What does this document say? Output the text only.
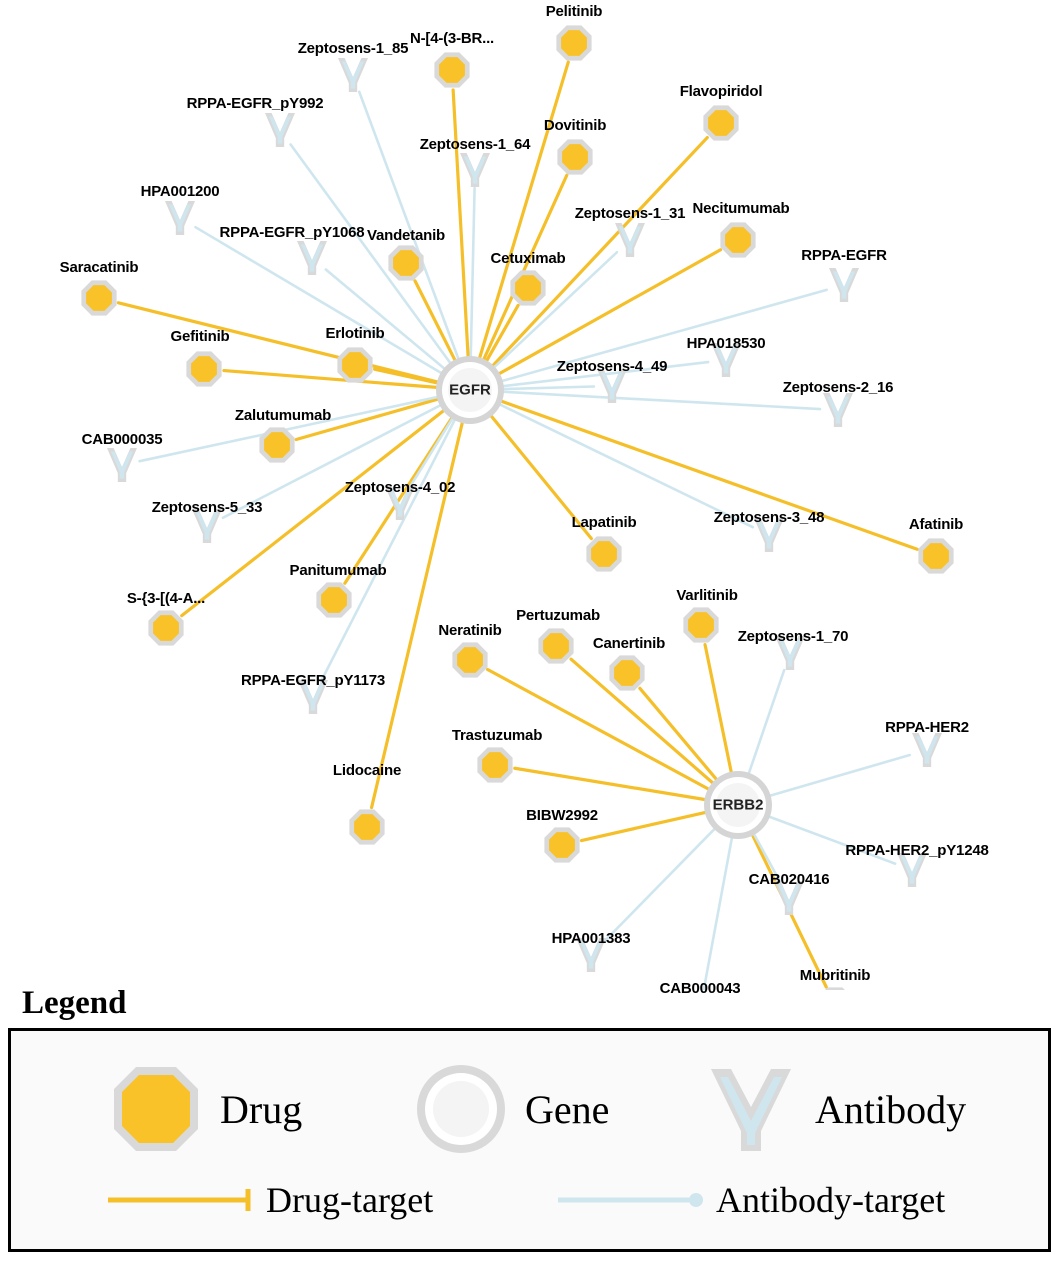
Pelitinib
N-[4-(3-BR...
Flavopiridol
Dovitinib
Necitumumab
Vandetanib
Cetuximab
Saracatinib
Gefitinib	Erlotinib
Zalutumumab
Panitumumab
S-{3-[(4-A...
Lapatinib	Afatinib
Varlitinib
Pertuzumab
Neratinib
Canertinib
Trastuzumab
Lidocaine
BIBW2992
Mubritinib
Zeptosens-1_85
RPPA-EGFR_pY992
Zeptosens-1_64
HPA001200
Zeptosens-1_31
RPPA-EGFR_pY1068
RPPA-EGFR
HPA018530
Zeptosens-4_49
Zeptosens-2_16
CAB000035
Zeptosens-5_33
Zeptosens-4_02
Zeptosens-3_48
Zeptosens-1_70
RPPA-EGFR_pY1173
RPPA-HER2
RPPA-HER2_pY1248
CAB020416
HPA001383
CAB000043
EGFR
ERBB2
Legend
Drug	Gene	Antibody
Drug-target	Antibody-target
